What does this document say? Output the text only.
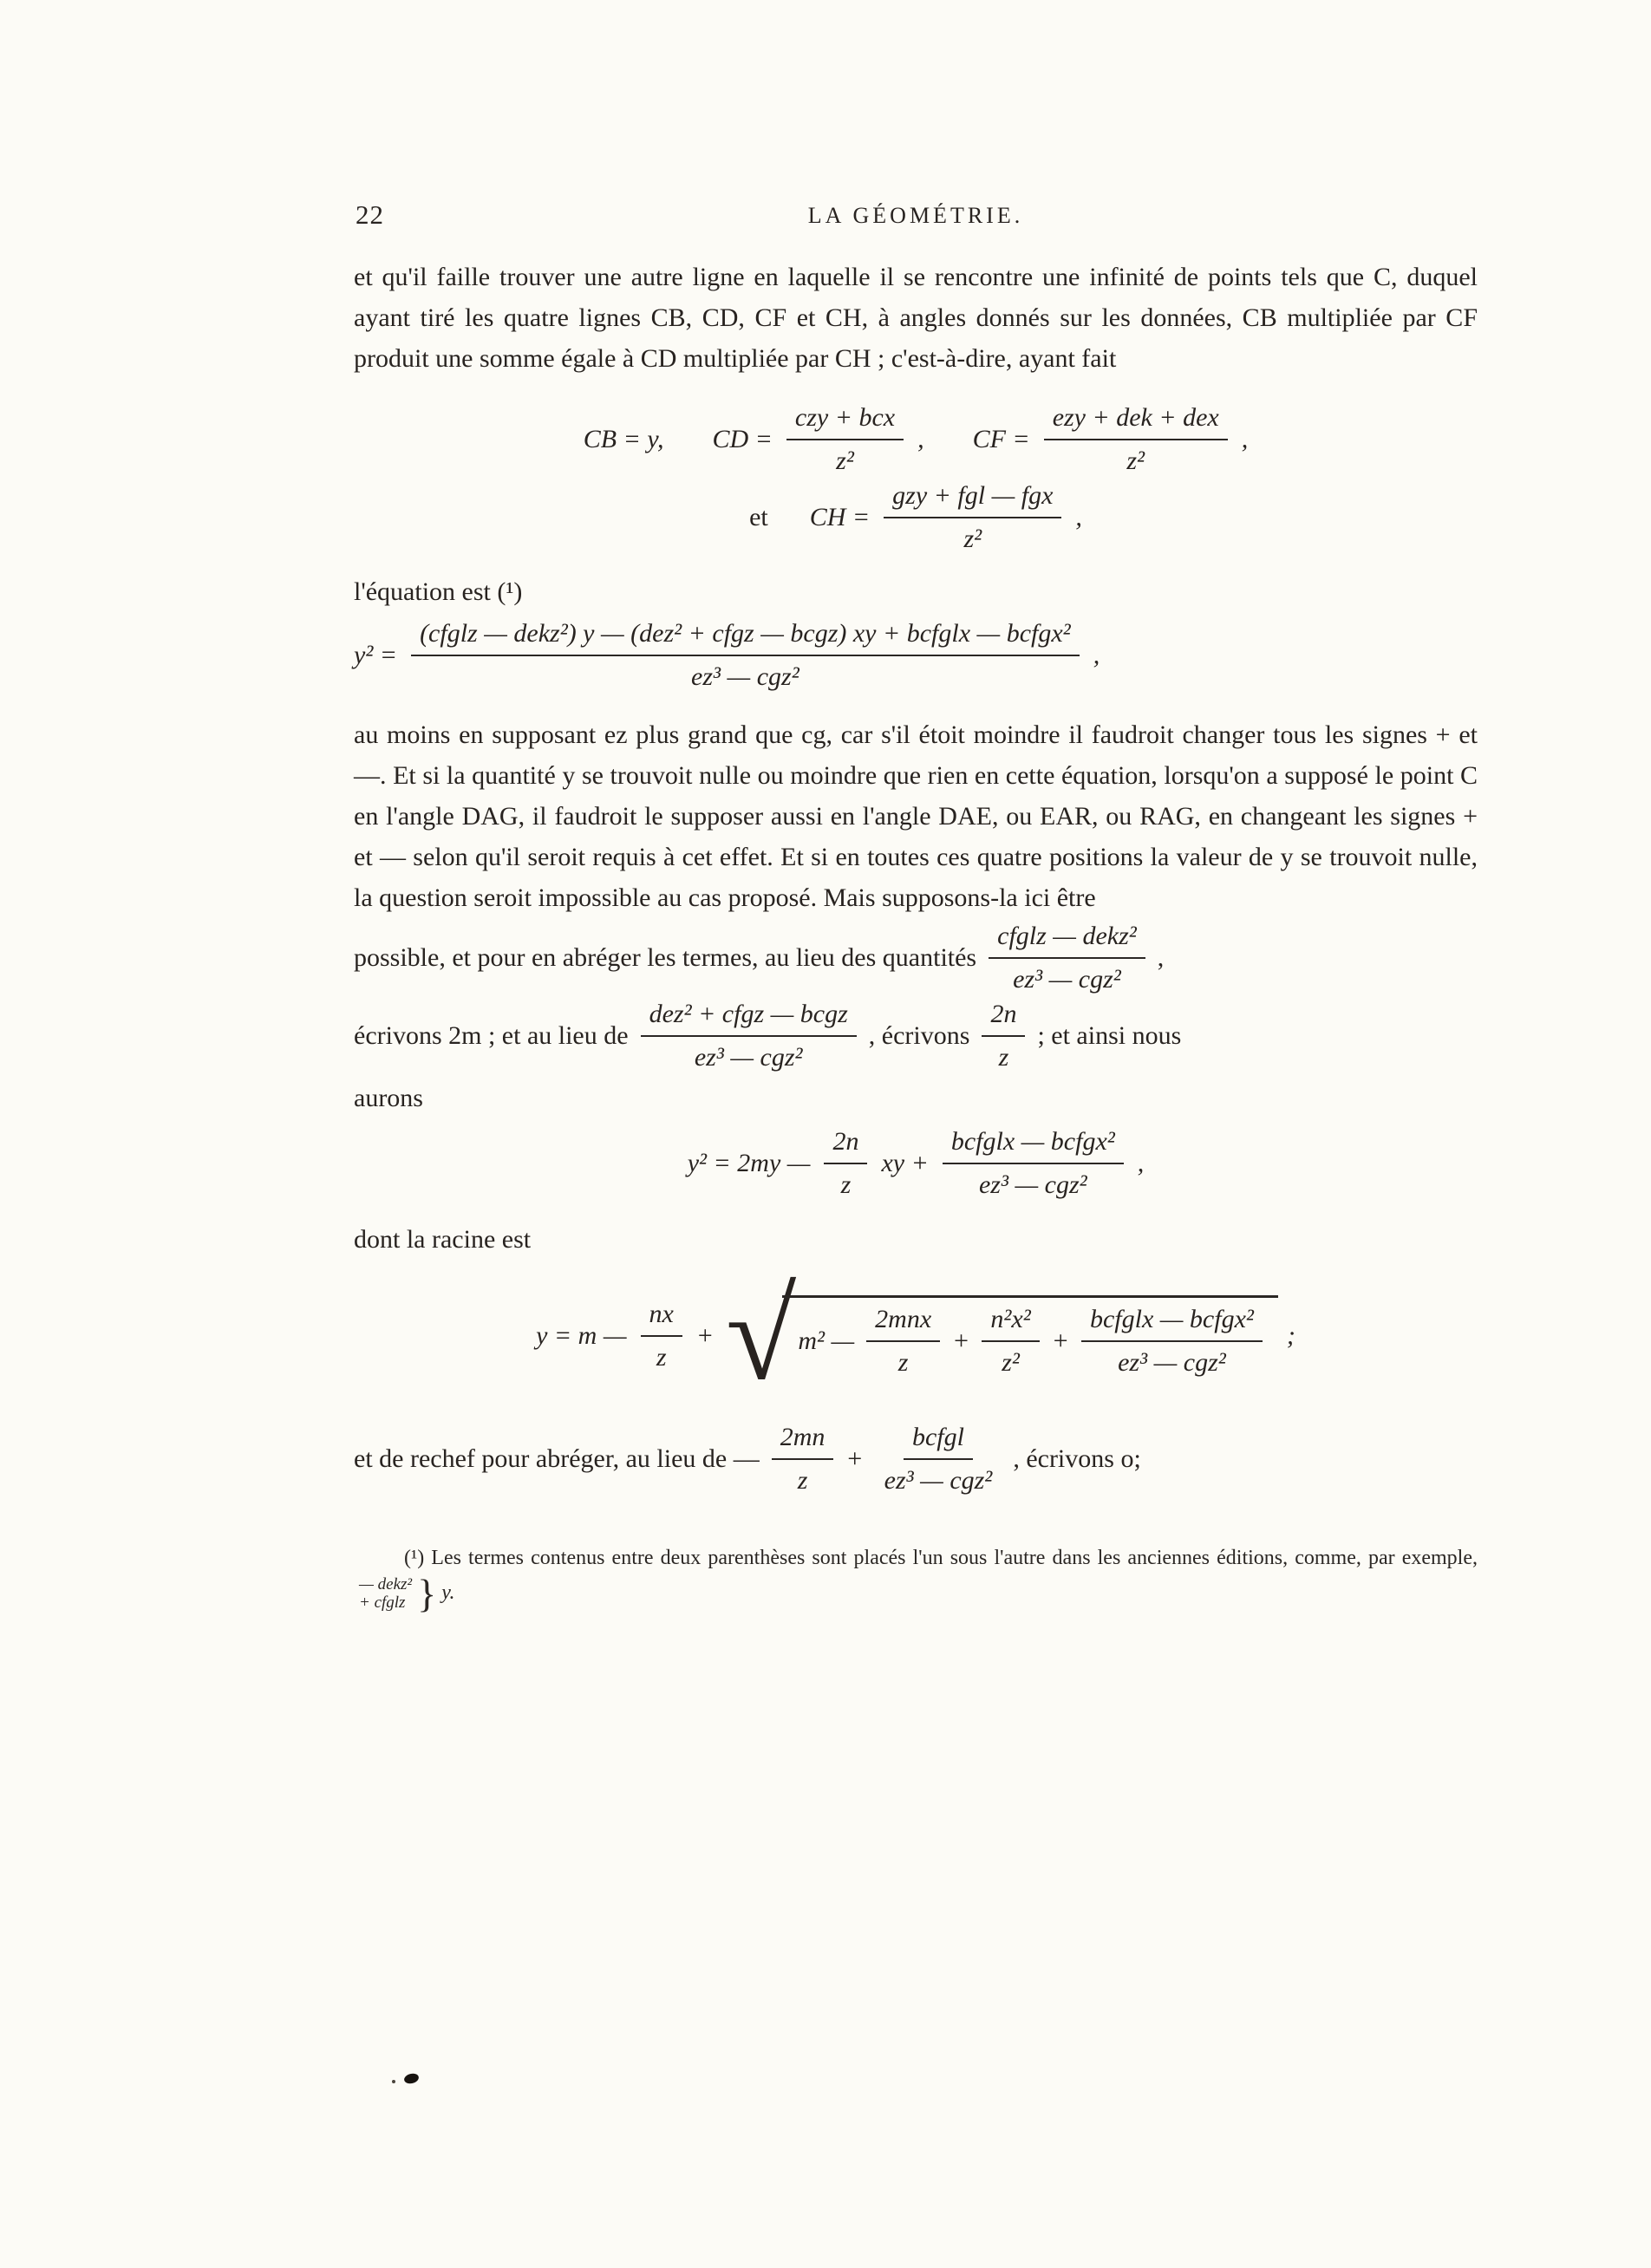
22	LA GÉOMÉTRIE.

et qu'il faille trouver une autre ligne en laquelle il se rencontre une infinité de points tels que C, duquel ayant tiré les quatre lignes CB, CD, CF et CH, à angles donnés sur les données, CB multipliée par CF produit une somme égale à CD multipliée par CH ; c'est-à-dire, ayant fait

CB = y, CD = $\frac{\text{czy + bcx}}{\text{z²}}$ , CF = $\frac{\text{ezy + dek + dex}}{\text{z²}}$ ,
et CH = $\frac{\text{gzy + fgl — fgx}}{\text{z²}}$ ,

l'équation est (¹)

y² =
(cfglz — dekz²) y — (dez² + cfgz — bcgz) xy + bcfglx — bcfgx²
ez³ — cgz²
,

au moins en supposant ez plus grand que cg, car s'il étoit moindre il faudroit changer tous les signes + et —. Et si la quantité y se trouvoit nulle ou moindre que rien en cette équation, lorsqu'on a supposé le point C en l'angle DAG, il faudroit le supposer aussi en l'angle DAE, ou EAR, ou RAG, en changeant les signes + et — selon qu'il seroit requis à cet effet. Et si en toutes ces quatre positions la valeur de y se trouvoit nulle, la question seroit impossible au cas proposé. Mais supposons-la ici être

possible, et pour en abréger les termes, au lieu des quantités $\frac{\text{cfglz — dekz²}}{\text{ez³ — cgz²}}$ ,
écrivons 2m ; et au lieu de $\frac{\text{dez² + cfgz — bcgz}}{\text{ez³ — cgz²}}$ , écrivons $\frac{2n}{z}$ ; et ainsi nous

aurons

y² = 2my — $\frac{2n}{z}$ xy + $\frac{\text{bcfglx — bcfgx²}}{\text{ez³ — cgz²}}$ ,

dont la racine est

y = m — $\frac{nx}{z}$ + √ m² — $\frac{\text{2mnx}}{z} + \frac{\text{n²x²}}{\text{z²}} + \frac{\text{bcfglx — bcfgx²}}{\text{ez³ — cgz²}}$ ;
et de rechef pour abréger, au lieu de — $\frac{2mn}{z} + \frac{\text{bcfgl}}{\text{ez³ — cgz²}}$ , écrivons o;

(¹) Les termes contenus entre deux parenthèses sont placés l'un sous l'autre dans les anciennes éditions, comme, par exemple,
— dekz²
+ cfglz } y.
